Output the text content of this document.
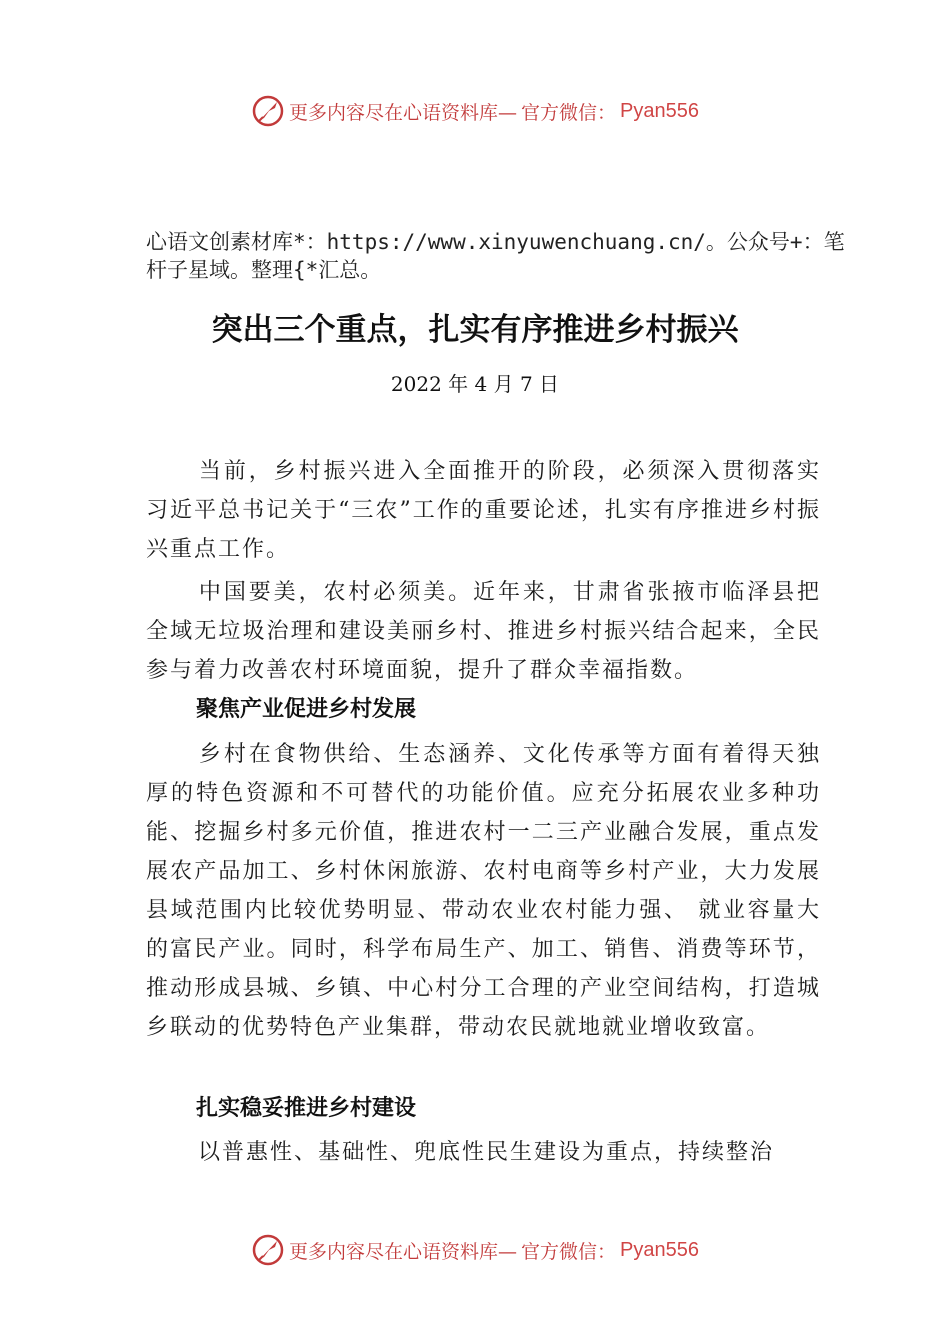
更多内容尽在心语资料库— 官方微信： Pyan556
心语文创素材库*：https://www.xinyuwenchuang.cn/。公众号+：笔杆子星域。整理{*汇总。
突出三个重点，扎实有序推进乡村振兴
2022 年 4 月 7 日
当前，乡村振兴进入全面推开的阶段，必须深入贯彻落实习近平总书记关于“三农”工作的重要论述，扎实有序推进乡村振兴重点工作。
中国要美，农村必须美。近年来，甘肃省张掖市临泽县把全域无垃圾治理和建设美丽乡村、推进乡村振兴结合起来，全民参与着力改善农村环境面貌，提升了群众幸福指数。
聚焦产业促进乡村发展
乡村在食物供给、生态涵养、文化传承等方面有着得天独厚的特色资源和不可替代的功能价值。应充分拓展农业多种功能、挖掘乡村多元价值，推进农村一二三产业融合发展，重点发展农产品加工、乡村休闲旅游、农村电商等乡村产业，大力发展县域范围内比较优势明显、带动农业农村能力强、 就业容量大的富民产业。同时，科学布局生产、加工、销售、消费等环节，推动形成县城、乡镇、中心村分工合理的产业空间结构，打造城乡联动的优势特色产业集群，带动农民就地就业增收致富。
扎实稳妥推进乡村建设
以普惠性、基础性、兜底性民生建设为重点，持续整治
更多内容尽在心语资料库— 官方微信： Pyan556
